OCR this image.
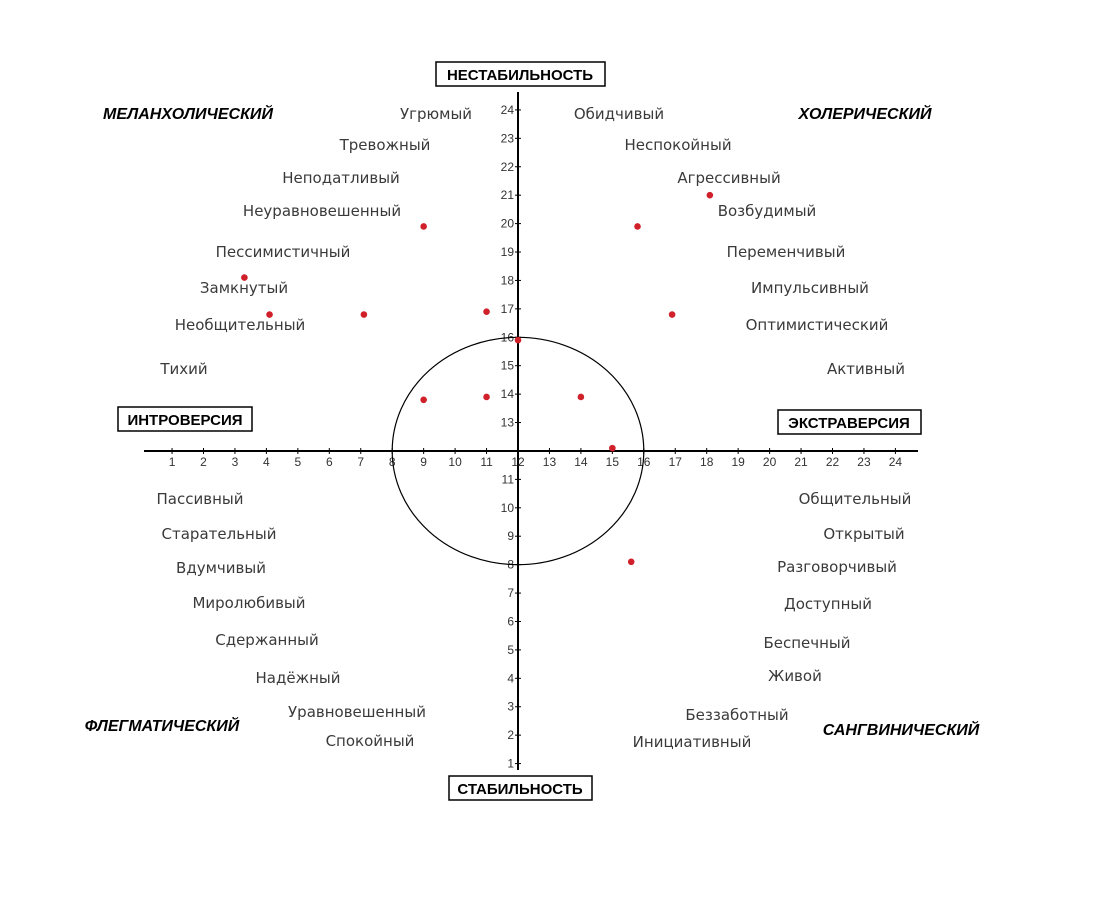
1 2 3 4 5 6 7 8 9 10 11 12 13 14 15 16 17 18 19 20 21 22 23 24
1
2
3
4
5
6
7
8
9
10
11
13
14
15
16
17
18
19
20
21
22
23
24
НЕСТАБИЛЬНОСТЬ
СТАБИЛЬНОСТЬ
ИНТРОВЕРСИЯ	ЭКСТРАВЕРСИЯ
МЕЛАНХОЛИЧЕСКИЙ	ХОЛЕРИЧЕСКИЙ
ФЛЕГМАТИЧЕСКИЙ	САНГВИНИЧЕСКИЙ
Угрюмый
Тревожный
Неподатливый
Неуравновешенный
Пессимистичный
Замкнутый
Необщительный
Тихий
Обидчивый
Неспокойный
Агрессивный
Возбудимый
Переменчивый
Импульсивный
Оптимистический
Активный
Пассивный
Старательный
Вдумчивый
Миролюбивый
Сдержанный
Надёжный
Уравновешенный
Спокойный
Общительный
Открытый
Разговорчивый
Доступный
Беспечный
Живой
Беззаботный
Инициативный
